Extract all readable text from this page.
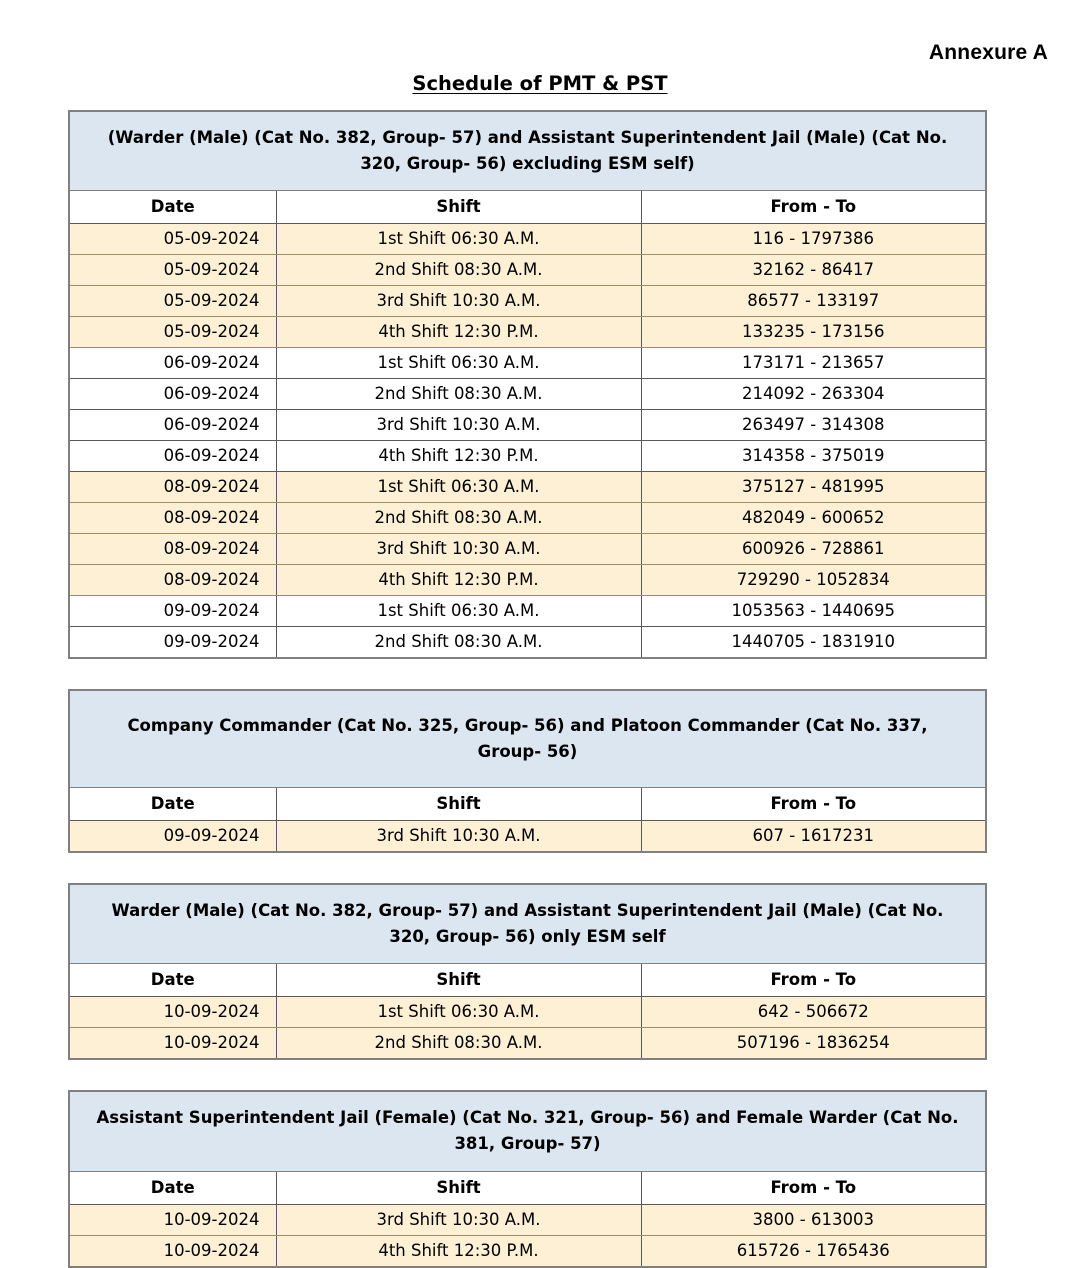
Annexure A
Schedule of PMT & PST
(Warder (Male) (Cat No. 382, Group- 57) and Assistant Superintendent Jail (Male) (Cat No. 320, Group- 56) excluding ESM self)		
Date	Shift	From - To
05-09-2024	1st Shift 06:30 A.M.	116 - 1797386
05-09-2024	2nd Shift 08:30 A.M.	32162 - 86417
05-09-2024	3rd Shift 10:30 A.M.	86577 - 133197
05-09-2024	4th Shift 12:30 P.M.	133235 - 173156
06-09-2024	1st Shift 06:30 A.M.	173171 - 213657
06-09-2024	2nd Shift 08:30 A.M.	214092 - 263304
06-09-2024	3rd Shift 10:30 A.M.	263497 - 314308
06-09-2024	4th Shift 12:30 P.M.	314358 - 375019
08-09-2024	1st Shift 06:30 A.M.	375127 - 481995
08-09-2024	2nd Shift 08:30 A.M.	482049 - 600652
08-09-2024	3rd Shift 10:30 A.M.	600926 - 728861
08-09-2024	4th Shift 12:30 P.M.	729290 - 1052834
09-09-2024	1st Shift 06:30 A.M.	1053563 - 1440695
09-09-2024	2nd Shift 08:30 A.M.	1440705 - 1831910
Company Commander (Cat No. 325, Group- 56) and Platoon Commander (Cat No. 337, Group- 56)		
Date	Shift	From - To
09-09-2024	3rd Shift 10:30 A.M.	607 - 1617231
Warder (Male) (Cat No. 382, Group- 57) and Assistant Superintendent Jail (Male) (Cat No. 320, Group- 56) only ESM self		
Date	Shift	From - To
10-09-2024	1st Shift 06:30 A.M.	642 - 506672
10-09-2024	2nd Shift 08:30 A.M.	507196 - 1836254
Assistant Superintendent Jail (Female) (Cat No. 321, Group- 56) and Female Warder (Cat No. 381, Group- 57)		
Date	Shift	From - To
10-09-2024	3rd Shift 10:30 A.M.	3800 - 613003
10-09-2024	4th Shift 12:30 P.M.	615726 - 1765436
